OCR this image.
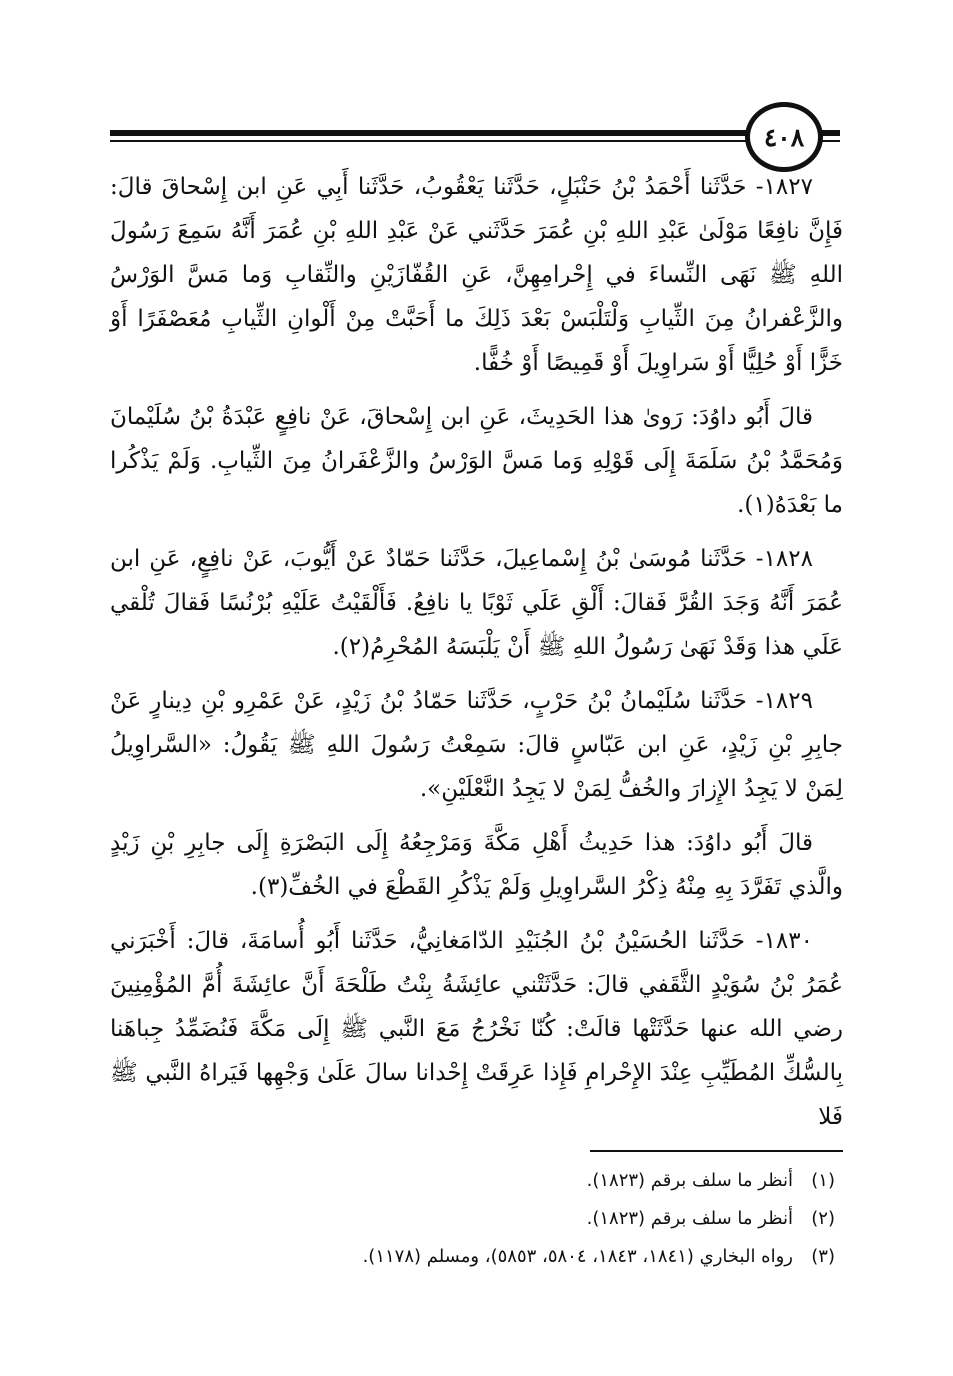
٤٠٨

١٨٢٧- حَدَّثَنا أَحْمَدُ بْنُ حَنْبَلٍ، حَدَّثَنا يَعْقُوبُ، حَدَّثَنا أَبِي عَنِ ابن إِسْحاقَ قالَ: فَإِنَّ نافِعًا مَوْلَىٰ عَبْدِ اللهِ بْنِ عُمَرَ حَدَّثَني عَنْ عَبْدِ اللهِ بْنِ عُمَرَ أَنَّهُ سَمِعَ رَسُولَ اللهِ ﷺ نَهَى النِّساءَ في إِحْرامِهِنَّ، عَنِ القُفّازَيْنِ والنِّقابِ وَما مَسَّ الوَرْسُ والزَّعْفرانُ مِنَ الثِّيابِ وَلْتَلْبَسْ بَعْدَ ذَلِكَ ما أَحَبَّتْ مِنْ أَلْوانِ الثِّيابِ مُعَصْفَرًا أَوْ خَزًّا أَوْ حُلِيًّا أَوْ سَراوِيلَ أَوْ قَمِيصًا أَوْ خُفًّا.

قالَ أَبُو داوُدَ: رَوىٰ هذا الحَدِيثَ، عَنِ ابن إِسْحاقَ، عَنْ نافِعٍ عَبْدَةُ بْنُ سُلَيْمانَ وَمُحَمَّدُ بْنُ سَلَمَةَ إِلَى قَوْلِهِ وَما مَسَّ الوَرْسُ والزَّعْفَرانُ مِنَ الثِّيابِ. وَلَمْ يَذْكُرا ما بَعْدَهُ(١).

١٨٢٨- حَدَّثَنا مُوسَىٰ بْنُ إِسْماعِيلَ، حَدَّثَنا حَمّادٌ عَنْ أَيُّوبَ، عَنْ نافِعٍ، عَنِ ابن عُمَرَ أَنَّهُ وَجَدَ القُرَّ فَقالَ: أَلْقِ عَلَي ثَوْبًا يا نافِعُ. فَأَلْقَيْتُ عَلَيْهِ بُرْنُسًا فَقالَ تُلْقي عَلَي هذا وَقَدْ نَهَىٰ رَسُولُ اللهِ ﷺ أَنْ يَلْبَسَهُ المُحْرِمُ(٢).

١٨٢٩- حَدَّثَنا سُلَيْمانُ بْنُ حَرْبٍ، حَدَّثَنا حَمّادُ بْنُ زَيْدٍ، عَنْ عَمْرِو بْنِ دِينارٍ عَنْ جابِرِ بْنِ زَيْدٍ، عَنِ ابن عَبّاسٍ قالَ: سَمِعْتُ رَسُولَ اللهِ ﷺ يَقُولُ: «السَّراوِيلُ لِمَنْ لا يَجِدُ الإِزارَ والخُفُّ لِمَنْ لا يَجِدُ النَّعْلَيْنِ».

قالَ أَبُو داوُدَ: هذا حَدِيثُ أَهْلِ مَكَّةَ وَمَرْجِعُهُ إِلَى البَصْرَةِ إِلَى جابِرِ بْنِ زَيْدٍ والَّذي تَفَرَّدَ بِهِ مِنْهُ ذِكْرُ السَّراوِيلِ وَلَمْ يَذْكُرِ القَطْعَ في الخُفِّ(٣).

١٨٣٠- حَدَّثَنا الحُسَيْنُ بْنُ الجُنَيْدِ الدّامَغانِيُّ، حَدَّثَنا أَبُو أُسامَةَ، قالَ: أَخْبَرَني عُمَرُ بْنُ سُوَيْدٍ الثَّقَفي قالَ: حَدَّثَتْني عائِشَةُ بِنْتُ طَلْحَةَ أَنَّ عائِشَةَ أُمَّ المُؤْمِنِينَ رضي الله عنها حَدَّثَتْها قالَتْ: كُنّا نَخْرُجُ مَعَ النَّبي ﷺ إِلَى مَكَّةَ فَنُضَمِّدُ جِباهَنا بِالسُّكِّ المُطَيِّبِ عِنْدَ الإِحْرامِ فَإِذا عَرِقَتْ إِحْدانا سالَ عَلَىٰ وَجْهِها فَيَراهُ النَّبي ﷺ فَلا

(١)
أنظر ما سلف برقم (١٨٢٣).
(٢)
أنظر ما سلف برقم (١٨٢٣).
(٣)
رواه البخاري (١٨٤١، ١٨٤٣، ٥٨٠٤، ٥٨٥٣)، ومسلم (١١٧٨).
